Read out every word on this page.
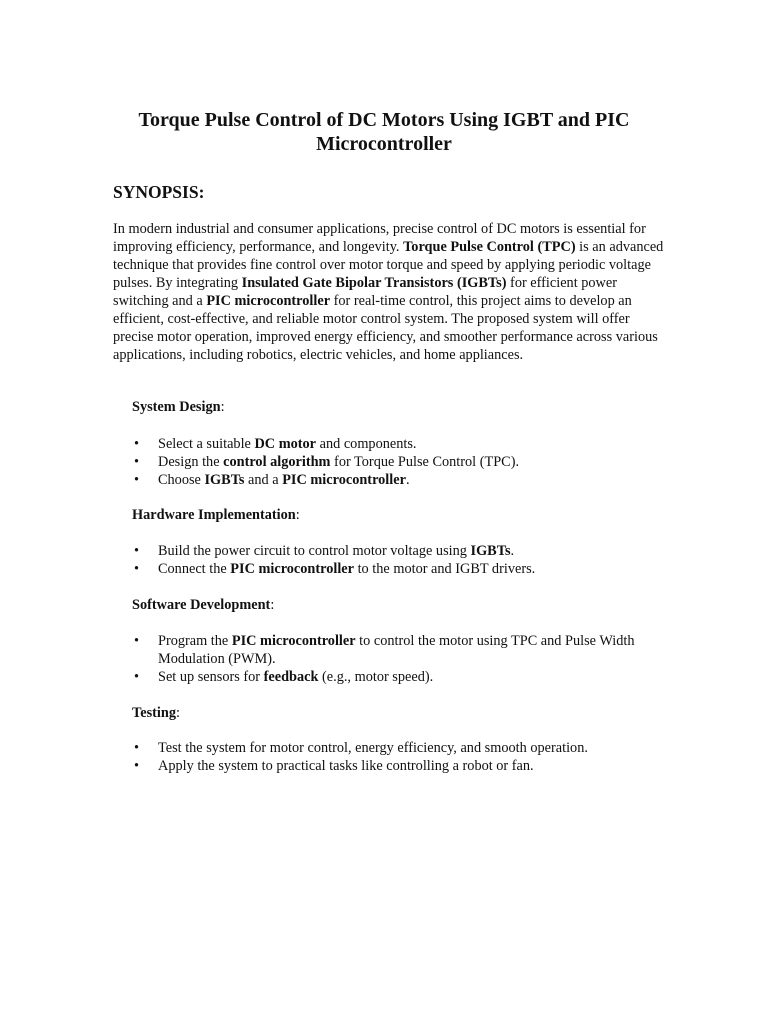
Torque Pulse Control of DC Motors Using IGBT and PIC Microcontroller
SYNOPSIS:

In modern industrial and consumer applications, precise control of DC motors is essential for improving efficiency, performance, and longevity. Torque Pulse Control (TPC) is an advanced technique that provides fine control over motor torque and speed by applying periodic voltage pulses. By integrating Insulated Gate Bipolar Transistors (IGBTs) for efficient power switching and a PIC microcontroller for real-time control, this project aims to develop an efficient, cost-effective, and reliable motor control system. The proposed system will offer precise motor operation, improved energy efficiency, and smoother performance across various applications, including robotics, electric vehicles, and home appliances.

System Design:

• Select a suitable DC motor and components.
• Design the control algorithm for Torque Pulse Control (TPC).
• Choose IGBTs and a PIC microcontroller.

Hardware Implementation:

• Build the power circuit to control motor voltage using IGBTs.
• Connect the PIC microcontroller to the motor and IGBT drivers.

Software Development:

• Program the PIC microcontroller to control the motor using TPC and Pulse Width Modulation (PWM).
• Set up sensors for feedback (e.g., motor speed).

Testing:

• Test the system for motor control, energy efficiency, and smooth operation.
• Apply the system to practical tasks like controlling a robot or fan.
